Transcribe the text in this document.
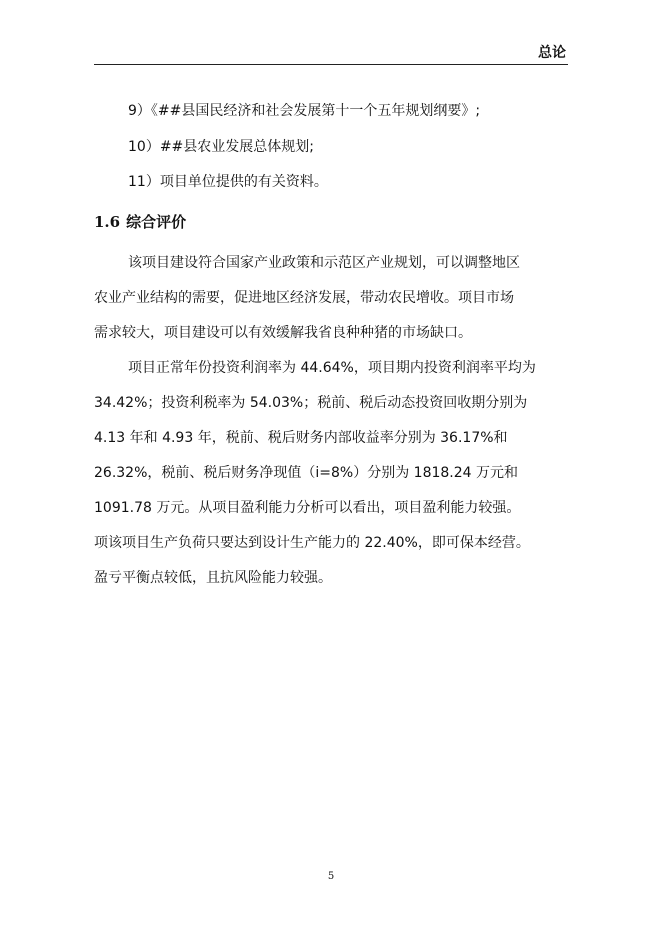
总论

9）《##县国民经济和社会发展第十一个五年规划纲要》;

10）##县农业发展总体规划;

11）项目单位提供的有关资料。

1.6 综合评价

该项目建设符合国家产业政策和示范区产业规划，可以调整地区

农业产业结构的需要，促进地区经济发展，带动农民增收。项目市场

需求较大，项目建设可以有效缓解我省良种种猪的市场缺口。

项目正常年份投资利润率为 44.64%，项目期内投资利润率平均为

34.42%；投资利税率为 54.03%；税前、税后动态投资回收期分别为

4.13 年和 4.93 年，税前、税后财务内部收益率分别为 36.17%和

26.32%，税前、税后财务净现值（i=8%）分别为 1818.24 万元和

1091.78 万元。从项目盈利能力分析可以看出，项目盈利能力较强。

项该项目生产负荷只要达到设计生产能力的 22.40%，即可保本经营。

盈亏平衡点较低，且抗风险能力较强。

5
